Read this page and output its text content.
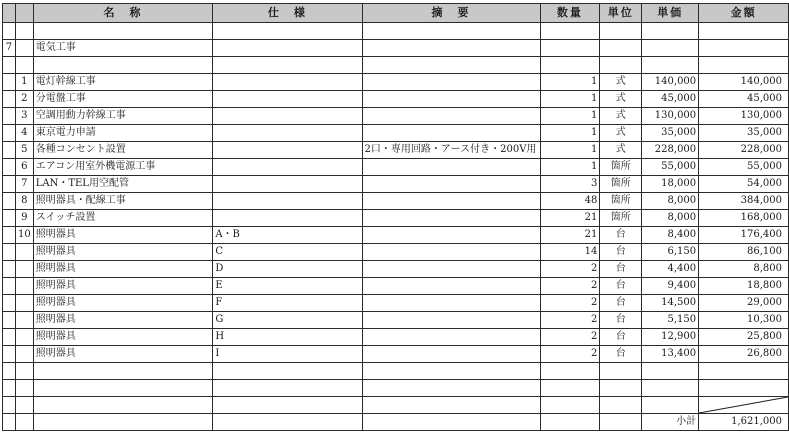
		名　称	仕　様	摘　要	数量	単位	単価	金額

7		電気工事						

	1	電灯幹線工事			1	式	140,000	140,000
	2	分電盤工事			1	式	45,000	45,000
	3	空調用動力幹線工事			1	式	130,000	130,000
	4	東京電力申請			1	式	35,000	35,000
	5	各種コンセント設置		2口・専用回路・アース付き・200V用	1	式	228,000	228,000
	6	エアコン用室外機電源工事			1	箇所	55,000	55,000
	7	LAN・TEL用空配管			3	箇所	18,000	54,000
	8	照明器具・配線工事			48	箇所	8,000	384,000
	9	スイッチ設置			21	箇所	8,000	168,000
	10	照明器具	A・B		21	台	8,400	176,400
		照明器具	C		14	台	6,150	86,100
		照明器具	D		2	台	4,400	8,800
		照明器具	E		2	台	9,400	18,800
		照明器具	F		2	台	14,500	29,000
		照明器具	G		2	台	5,150	10,300
		照明器具	H		2	台	12,900	25,800
		照明器具	I		2	台	13,400	26,800

							小計	1,621,000
